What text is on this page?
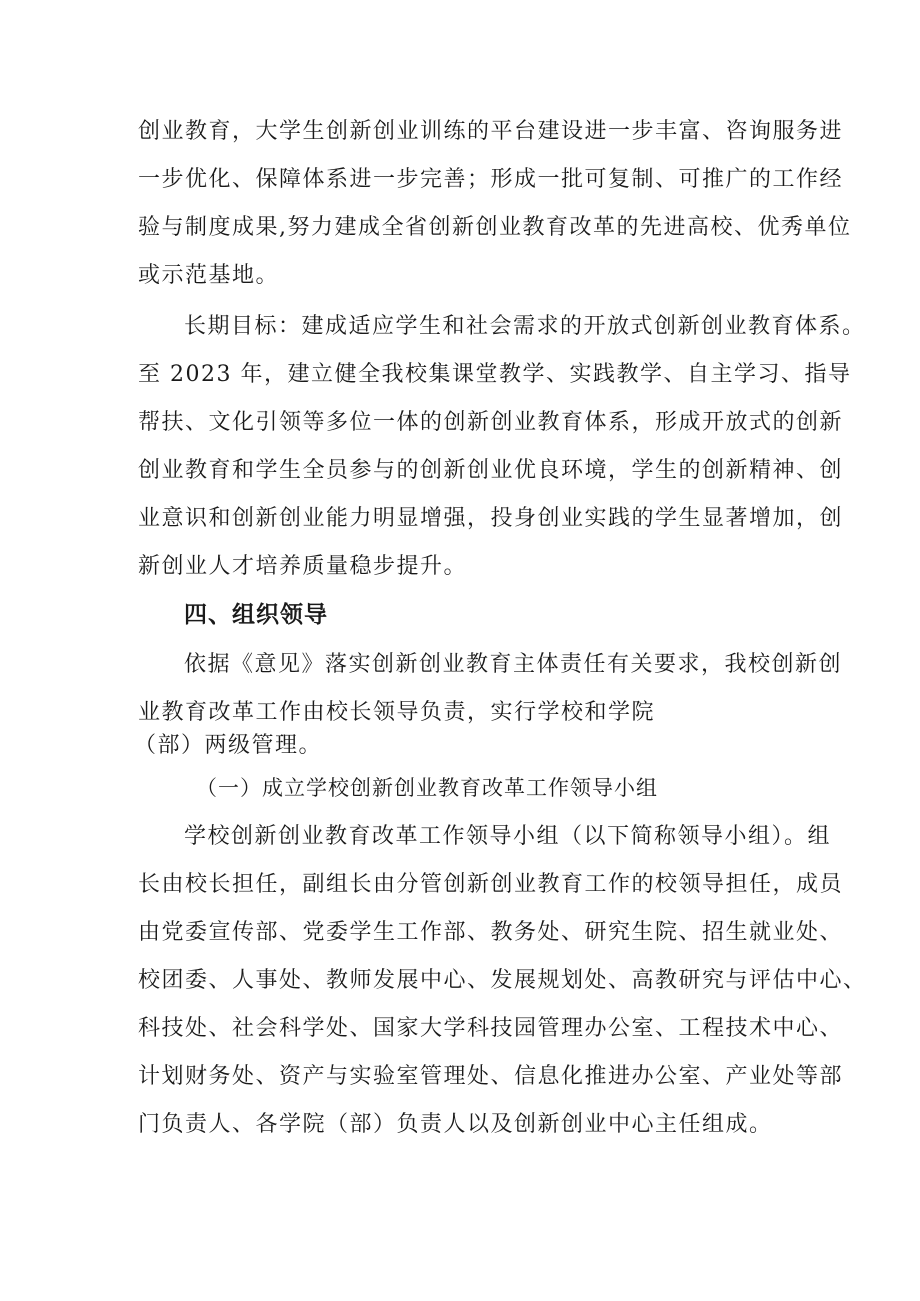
创业教育，大学生创新创业训练的平台建设进一步丰富、咨询服务进
一步优化、保障体系进一步完善；形成一批可复制、可推广的工作经
验与制度成果,努力建成全省创新创业教育改革的先进高校、优秀单位
或示范基地。
长期目标：建成适应学生和社会需求的开放式创新创业教育体系。
至 2023 年，建立健全我校集课堂教学、实践教学、自主学习、指导
帮扶、文化引领等多位一体的创新创业教育体系，形成开放式的创新
创业教育和学生全员参与的创新创业优良环境，学生的创新精神、创
业意识和创新创业能力明显增强，投身创业实践的学生显著增加，创
新创业人才培养质量稳步提升。
四、组织领导
依据《意见》落实创新创业教育主体责任有关要求，我校创新创
业教育改革工作由校长领导负责，实行学校和学院
（部）两级管理。
（一）成立学校创新创业教育改革工作领导小组
学校创新创业教育改革工作领导小组（以下简称领导小组）。组
长由校长担任，副组长由分管创新创业教育工作的校领导担任，成员
由党委宣传部、党委学生工作部、教务处、研究生院、招生就业处、
校团委、人事处、教师发展中心、发展规划处、高教研究与评估中心、
科技处、社会科学处、国家大学科技园管理办公室、工程技术中心、
计划财务处、资产与实验室管理处、信息化推进办公室、产业处等部
门负责人、各学院（部）负责人以及创新创业中心主任组成。
